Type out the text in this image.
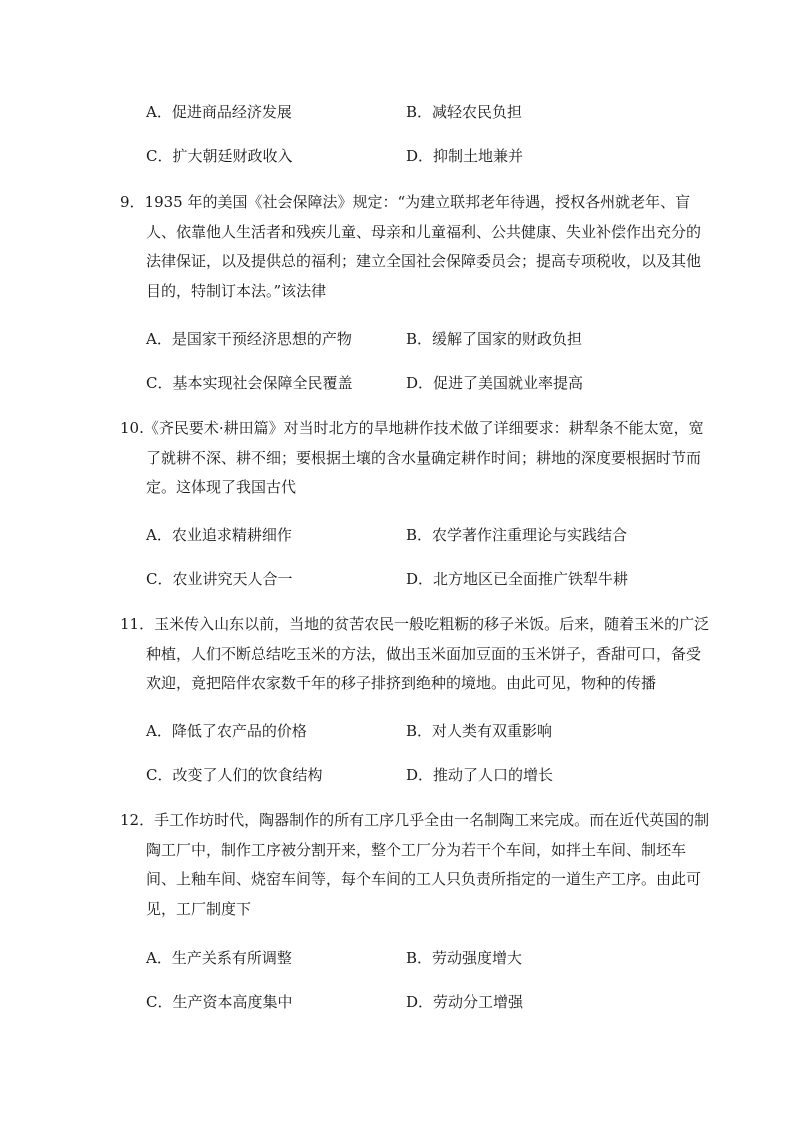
A．促进商品经济发展	B．减轻农民负担
C．扩大朝廷财政收入	D．抑制土地兼并
9．1935 年的美国《社会保障法》规定：“为建立联邦老年待遇，授权各州就老年、盲
人、依靠他人生活者和残疾儿童、母亲和儿童福利、公共健康、失业补偿作出充分的
法律保证，以及提供总的福利；建立全国社会保障委员会；提高专项税收，以及其他
目的，特制订本法。”该法律
A．是国家干预经济思想的产物	B．缓解了国家的财政负担
C．基本实现社会保障全民覆盖	D．促进了美国就业率提高
10.《齐民要术·耕田篇》对当时北方的旱地耕作技术做了详细要求：耕犁条不能太宽，宽
了就耕不深、耕不细；要根据土壤的含水量确定耕作时间；耕地的深度要根据时节而
定。这体现了我国古代
A．农业追求精耕细作	B．农学著作注重理论与实践结合
C．农业讲究天人合一	D．北方地区已全面推广铁犁牛耕
11．玉米传入山东以前，当地的贫苦农民一般吃粗粝的移子米饭。后来，随着玉米的广泛
种植，人们不断总结吃玉米的方法，做出玉米面加豆面的玉米饼子，香甜可口，备受
欢迎，竟把陪伴农家数千年的移子排挤到绝种的境地。由此可见，物种的传播
A．降低了农产品的价格	B．对人类有双重影响
C．改变了人们的饮食结构	D．推动了人口的增长
12．手工作坊时代，陶器制作的所有工序几乎全由一名制陶工来完成。而在近代英国的制
陶工厂中，制作工序被分割开来，整个工厂分为若干个车间，如拌土车间、制坯车
间、上釉车间、烧窑车间等，每个车间的工人只负责所指定的一道生产工序。由此可
见，工厂制度下
A．生产关系有所调整	B．劳动强度增大
C．生产资本高度集中	D．劳动分工增强
